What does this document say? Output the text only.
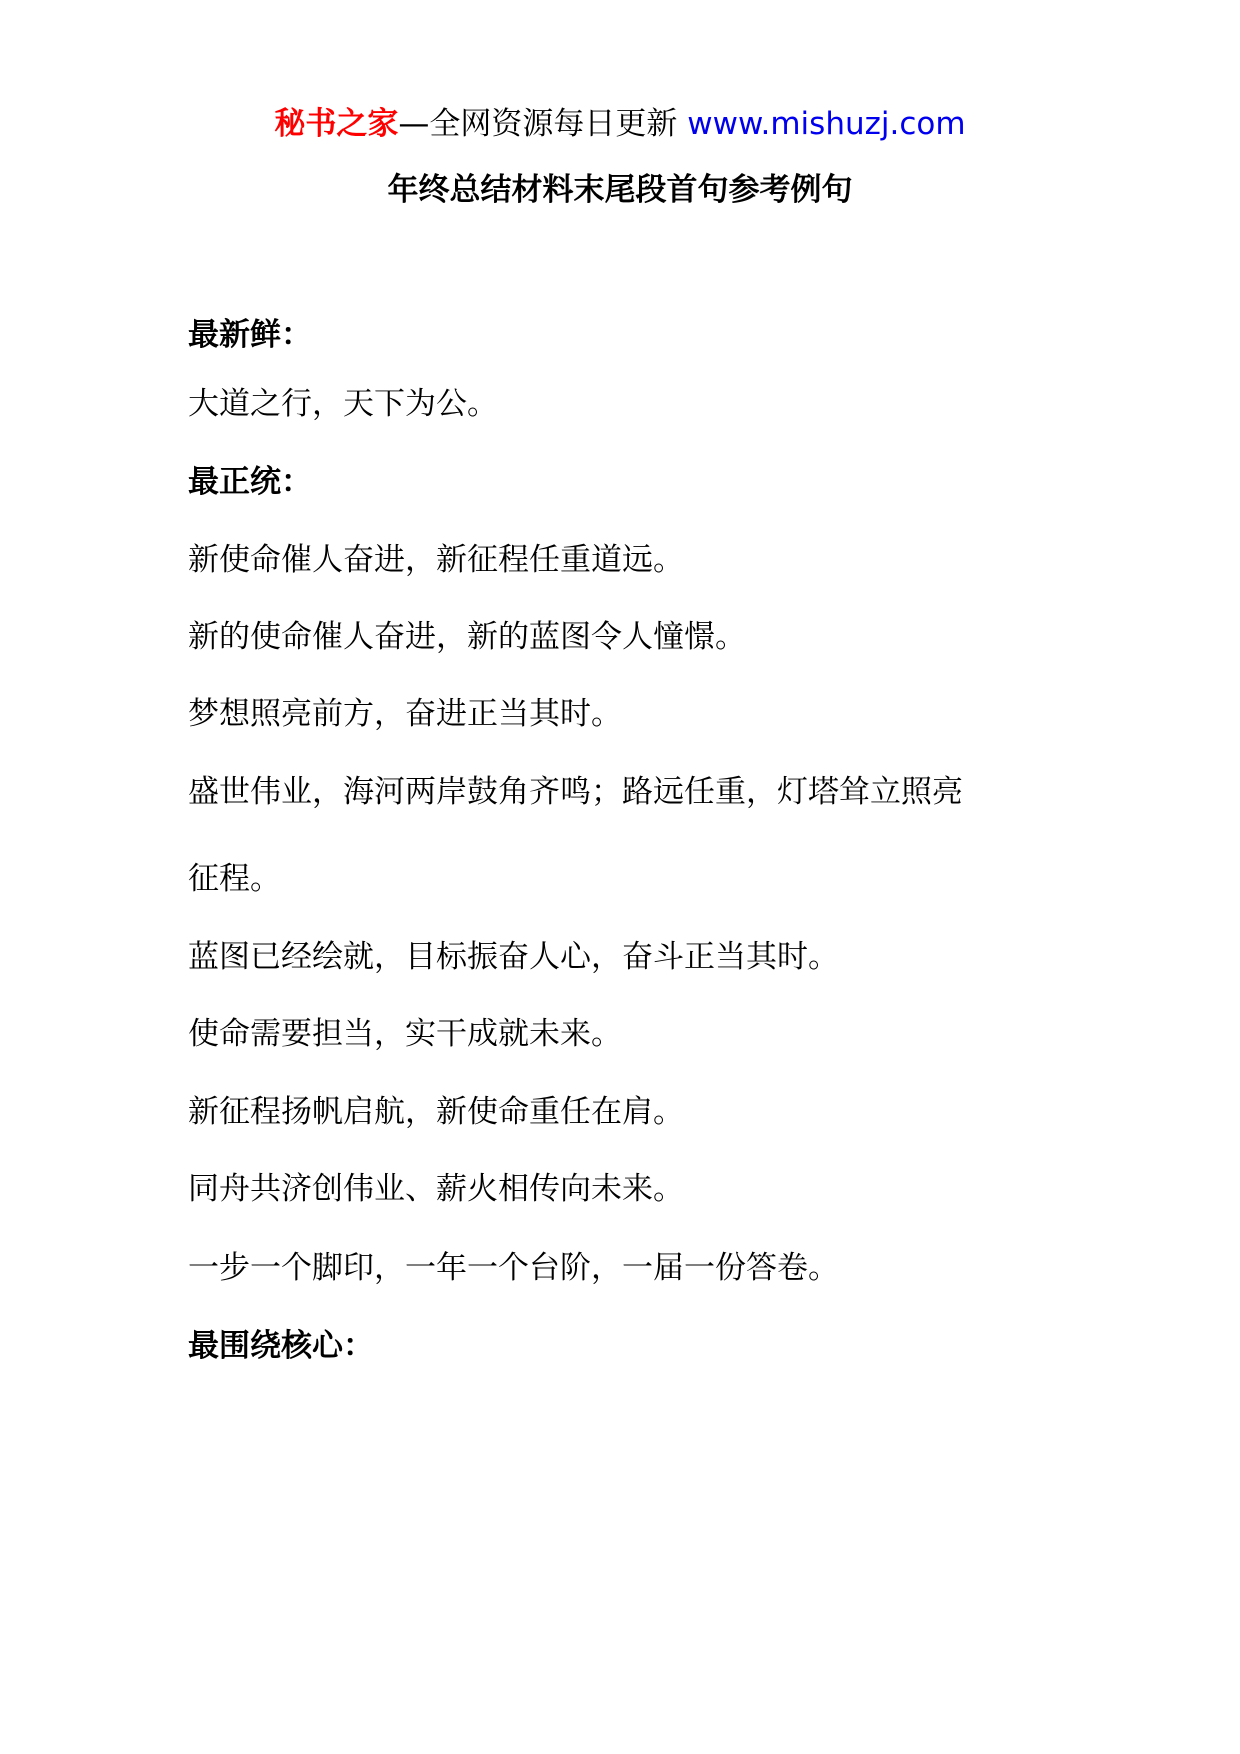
秘书之家—全网资源每日更新 www.mishuzj.com
年终总结材料末尾段首句参考例句
最新鲜：
大道之行，天下为公。
最正统：
新使命催人奋进，新征程任重道远。
新的使命催人奋进，新的蓝图令人憧憬。
梦想照亮前方，奋进正当其时。
盛世伟业，海河两岸鼓角齐鸣；路远任重，灯塔耸立照亮
征程。
蓝图已经绘就，目标振奋人心，奋斗正当其时。
使命需要担当，实干成就未来。
新征程扬帆启航，新使命重任在肩。
同舟共济创伟业、薪火相传向未来。
一步一个脚印，一年一个台阶，一届一份答卷。
最围绕核心：
